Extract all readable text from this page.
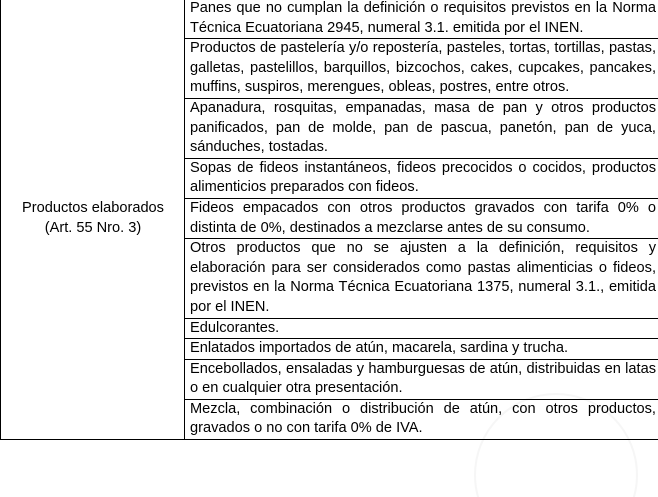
Productos elaborados
(Art. 55 Nro. 3)
	Panes que no cumplan la definición o requisitos previstos en la Norma Técnica Ecuatoriana 2945, numeral 3.1. emitida por el INEN.
Productos de pastelería y/o repostería, pasteles, tortas, tortillas, pastas, galletas, pastelillos, barquillos, bizcochos, cakes, cupcakes, pancakes, muffins, suspiros, merengues, obleas, postres, entre otros.
Apanadura, rosquitas, empanadas, masa de pan y otros productos panificados, pan de molde, pan de pascua, panetón, pan de yuca, sánduches, tostadas.
Sopas de fideos instantáneos, fideos precocidos o cocidos, productos alimenticios preparados con fideos.
Fideos empacados con otros productos gravados con tarifa 0% o distinta de 0%, destinados a mezclarse antes de su consumo.
Otros productos que no se ajusten a la definición, requisitos y elaboración para ser considerados como pastas alimenticias o fideos, previstos en la Norma Técnica Ecuatoriana 1375, numeral 3.1., emitida por el INEN.
Edulcorantes.
Enlatados importados de atún, macarela, sardina y trucha.
Encebollados, ensaladas y hamburguesas de atún, distribuidas en latas o en cualquier otra presentación.
Mezcla, combinación o distribución de atún, con otros productos, gravados o no con tarifa 0% de IVA.
